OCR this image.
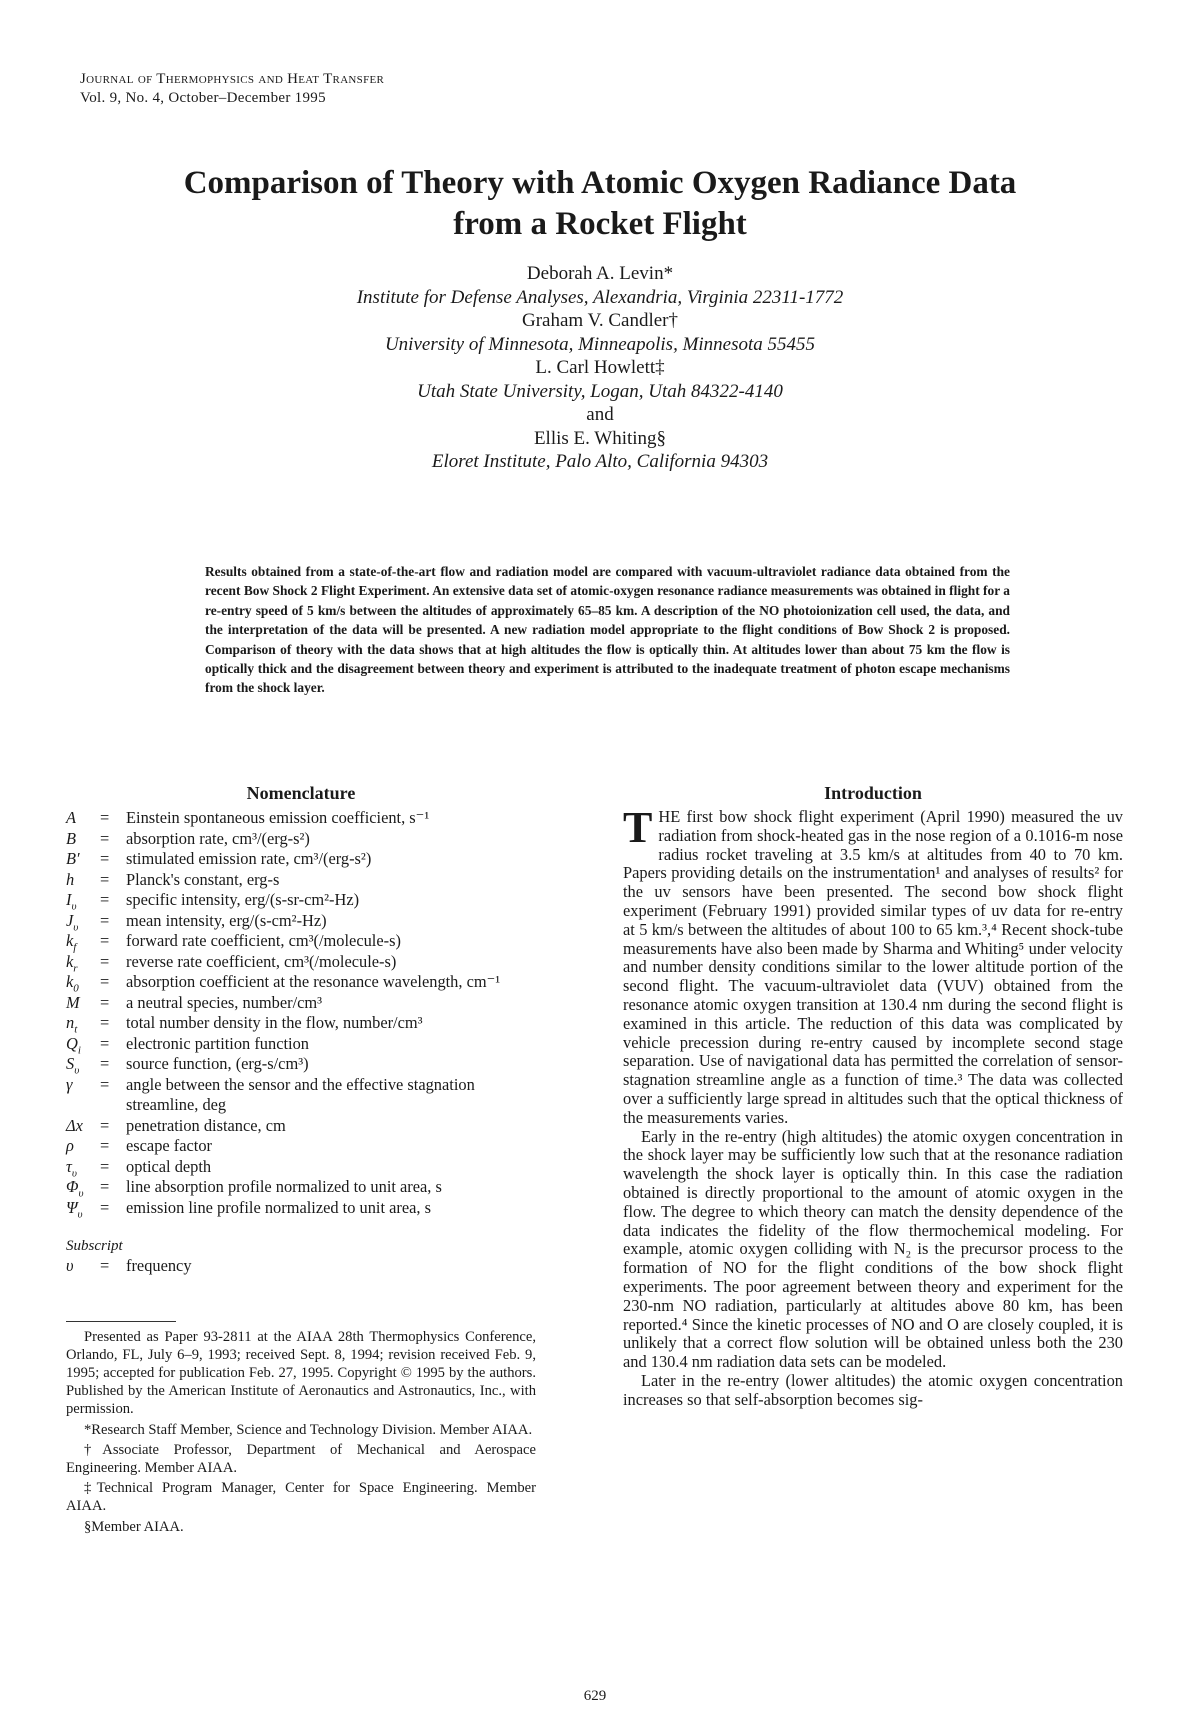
Journal of Thermophysics and Heat Transfer
Vol. 9, No. 4, October–December 1995
Comparison of Theory with Atomic Oxygen Radiance Data
from a Rocket Flight
Deborah A. Levin*
Institute for Defense Analyses, Alexandria, Virginia 22311-1772
Graham V. Candler†
University of Minnesota, Minneapolis, Minnesota 55455
L. Carl Howlett‡
Utah State University, Logan, Utah 84322-4140
and
Ellis E. Whiting§
Eloret Institute, Palo Alto, California 94303
Results obtained from a state-of-the-art flow and radiation model are compared with vacuum-ultraviolet radiance data obtained from the recent Bow Shock 2 Flight Experiment. An extensive data set of atomic-oxygen resonance radiance measurements was obtained in flight for a re-entry speed of 5 km/s between the altitudes of approximately 65–85 km. A description of the NO photoionization cell used, the data, and the interpretation of the data will be presented. A new radiation model appropriate to the flight conditions of Bow Shock 2 is proposed. Comparison of theory with the data shows that at high altitudes the flow is optically thin. At altitudes lower than about 75 km the flow is optically thick and the disagreement between theory and experiment is attributed to the inadequate treatment of photon escape mechanisms from the shock layer.
Nomenclature
A	=	Einstein spontaneous emission coefficient, s⁻¹
B	=	absorption rate, cm³/(erg-s²)
B′	=	stimulated emission rate, cm³/(erg-s²)
h	=	Planck's constant, erg-s
$I_\upsilon$	=	specific intensity, erg/(s-sr-cm²-Hz)
$J_\upsilon$	=	mean intensity, erg/(s-cm²-Hz)
$k_f$	=	forward rate coefficient, cm³(/molecule-s)
$k_r$	=	reverse rate coefficient, cm³(/molecule-s)
$k_0$	=	absorption coefficient at the resonance wavelength, cm⁻¹
M	=	a neutral species, number/cm³
$n_t$	=	total number density in the flow, number/cm³
$Q_i$	=	electronic partition function
$S_\upsilon$	=	source function, (erg-s/cm³)
γ	=	angle between the sensor and the effective stagnation streamline, deg
Δx	=	penetration distance, cm
ρ	=	escape factor
$\tau_\upsilon$	=	optical depth
$\Phi_\upsilon$	=	line absorption profile normalized to unit area, s
$\Psi_\upsilon$	=	emission line profile normalized to unit area, s
Subscript
υ	=	frequency

Presented as Paper 93-2811 at the AIAA 28th Thermophysics Conference, Orlando, FL, July 6–9, 1993; received Sept. 8, 1994; revision received Feb. 9, 1995; accepted for publication Feb. 27, 1995. Copyright © 1995 by the authors. Published by the American Institute of Aeronautics and Astronautics, Inc., with permission.

*Research Staff Member, Science and Technology Division. Member AIAA.

†Associate Professor, Department of Mechanical and Aerospace Engineering. Member AIAA.

‡Technical Program Manager, Center for Space Engineering. Member AIAA.

§Member AIAA.

Introduction

THE first bow shock flight experiment (April 1990) measured the uv radiation from shock-heated gas in the nose region of a 0.1016-m nose radius rocket traveling at 3.5 km/s at altitudes from 40 to 70 km. Papers providing details on the instrumentation¹ and analyses of results² for the uv sensors have been presented. The second bow shock flight experiment (February 1991) provided similar types of uv data for re-entry at 5 km/s between the altitudes of about 100 to 65 km.³,⁴ Recent shock-tube measurements have also been made by Sharma and Whiting⁵ under velocity and number density conditions similar to the lower altitude portion of the second flight. The vacuum-ultraviolet data (VUV) obtained from the resonance atomic oxygen transition at 130.4 nm during the second flight is examined in this article. The reduction of this data was complicated by vehicle precession during re-entry caused by incomplete second stage separation. Use of navigational data has permitted the correlation of sensor-stagnation streamline angle as a function of time.³ The data was collected over a sufficiently large spread in altitudes such that the optical thickness of the measurements varies.

Early in the re-entry (high altitudes) the atomic oxygen concentration in the shock layer may be sufficiently low such that at the resonance radiation wavelength the shock layer is optically thin. In this case the radiation obtained is directly proportional to the amount of atomic oxygen in the flow. The degree to which theory can match the density dependence of the data indicates the fidelity of the flow thermochemical modeling. For example, atomic oxygen colliding with N₂ is the precursor process to the formation of NO for the flight conditions of the bow shock flight experiments. The poor agreement between theory and experiment for the 230-nm NO radiation, particularly at altitudes above 80 km, has been reported.⁴ Since the kinetic processes of NO and O are closely coupled, it is unlikely that a correct flow solution will be obtained unless both the 230 and 130.4 nm radiation data sets can be modeled.

Later in the re-entry (lower altitudes) the atomic oxygen concentration increases so that self-absorption becomes sig-

629
